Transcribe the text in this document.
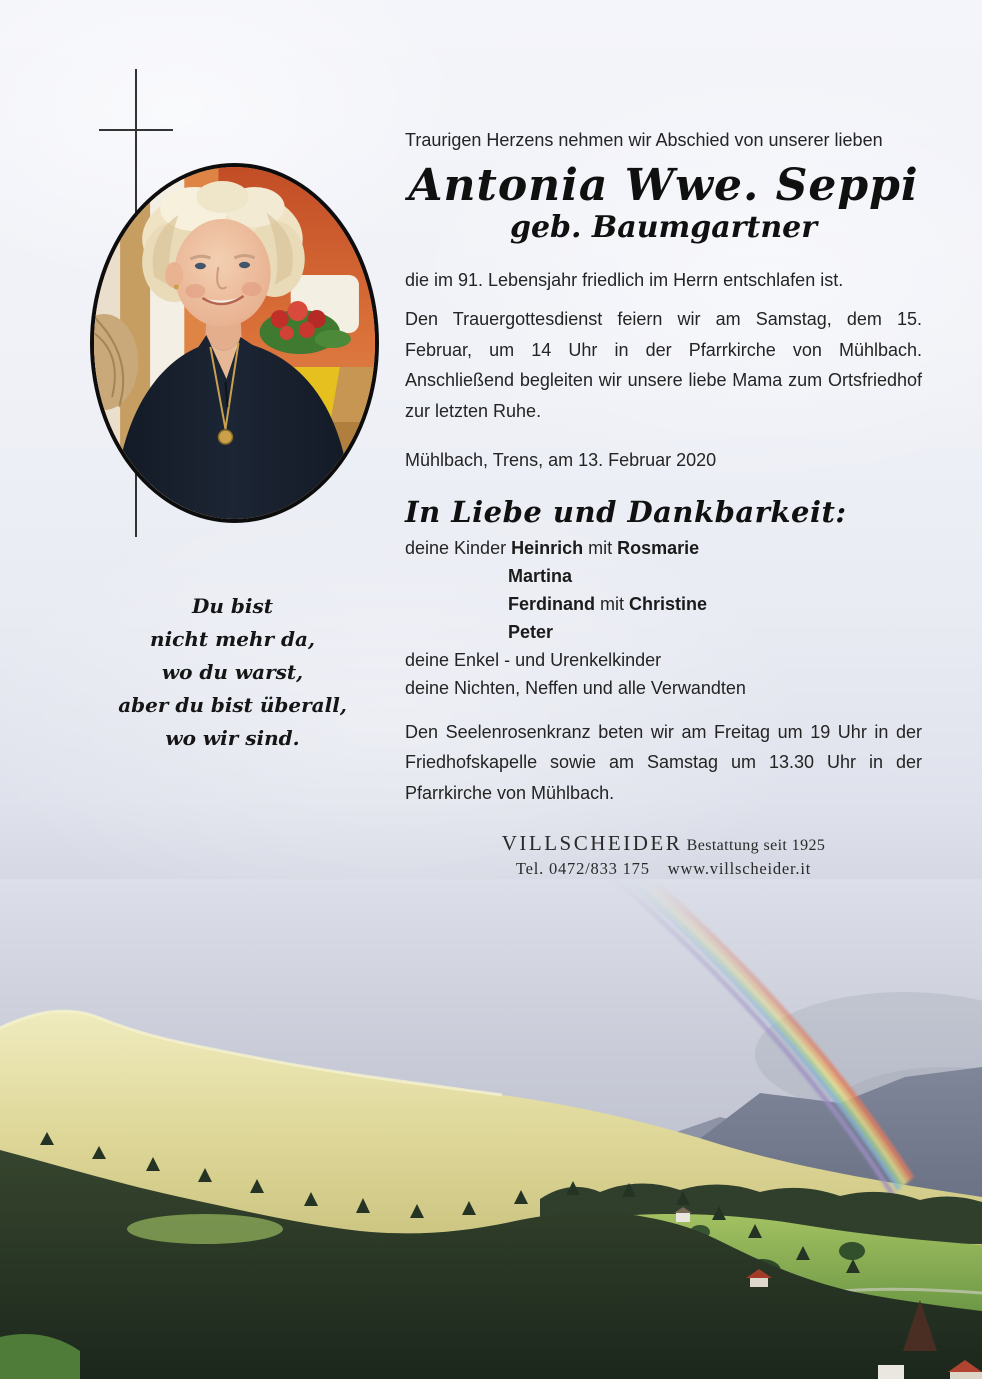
Traurigen Herzens nehmen wir Abschied von unserer lieben
Antonia Wwe. Seppi
geb. Baumgartner
die im 91. Lebensjahr friedlich im Herrn entschlafen ist.
Den Trauergottesdienst feiern wir am Samstag, dem 15. Februar, um 14 Uhr in der Pfarrkirche von Mühlbach. Anschließend begleiten wir unsere liebe Mama zum Ortsfriedhof zur letzten Ruhe.
Mühlbach, Trens, am 13. Februar 2020
In Liebe und Dankbarkeit:
deine Kinder Heinrich mit Rosmarie
Martina
Ferdinand mit Christine
Peter
deine Enkel - und Urenkelkinder
deine Nichten, Neffen und alle Verwandten
Den Seelenrosenkranz beten wir am Freitag um 19 Uhr in der Friedhofskapelle sowie am Samstag um 13.30 Uhr in der Pfarrkirche von Mühlbach.
Du bist
nicht mehr da,
wo du warst,
aber du bist überall,
wo wir sind.
VILLSCHEIDER Bestattung seit 1925
Tel. 0472/833 175 www.villscheider.it
